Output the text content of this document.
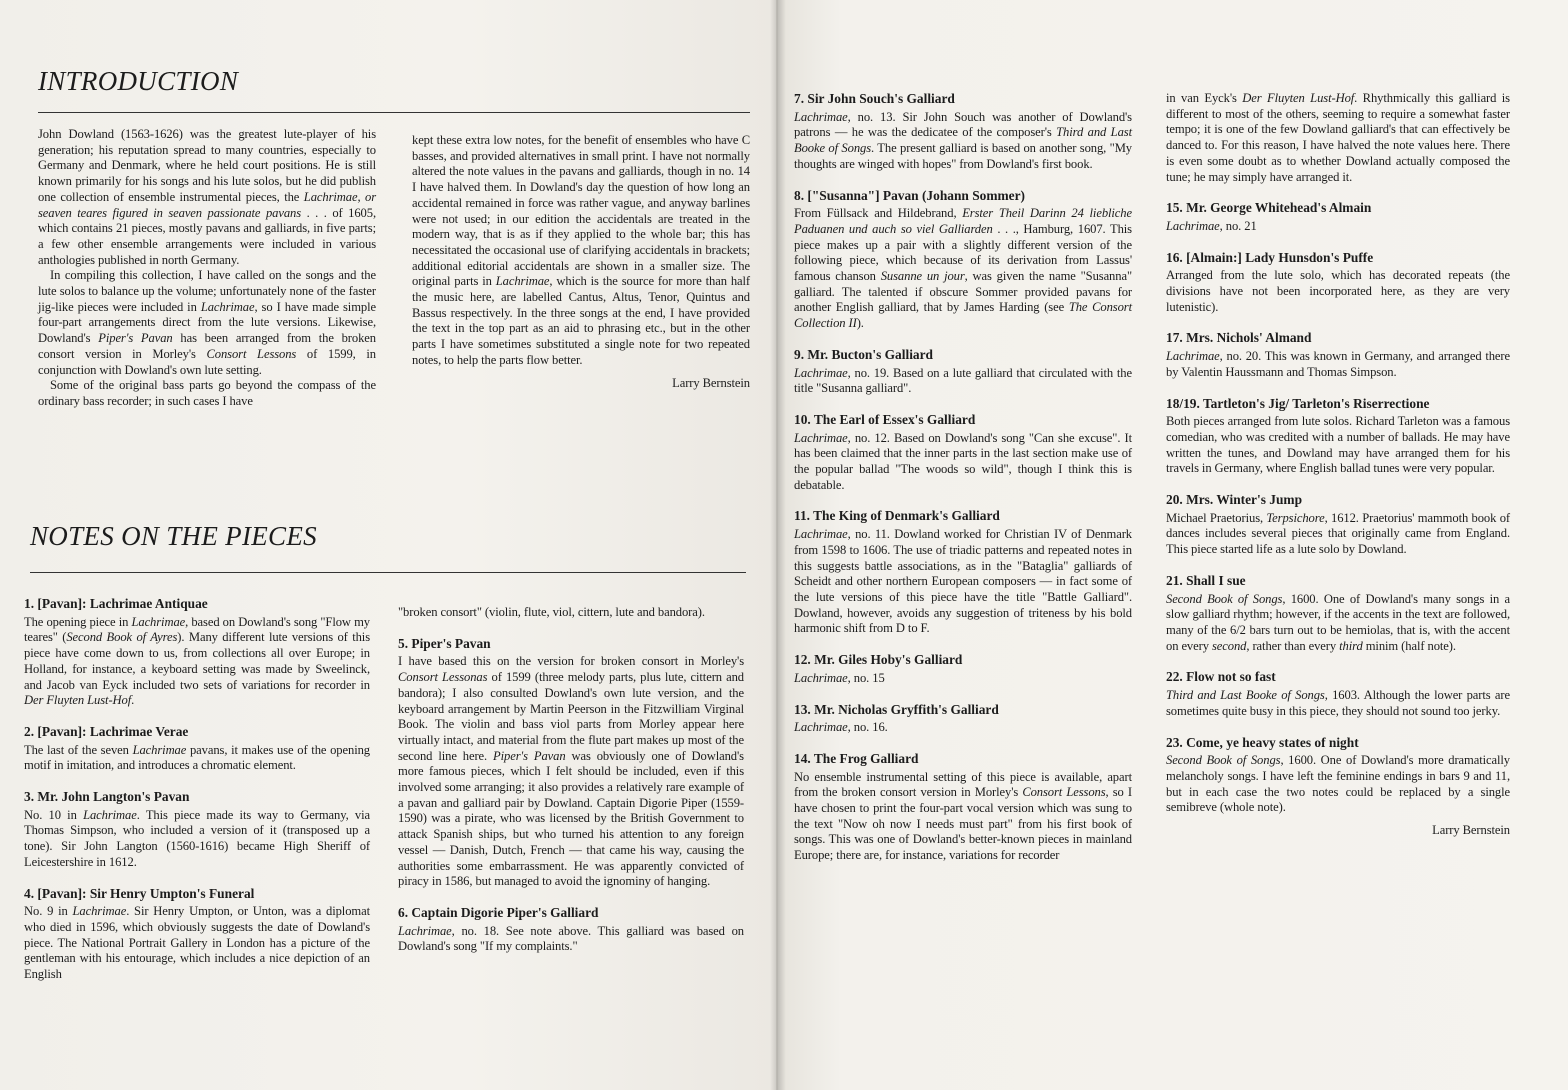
INTRODUCTION

John Dowland (1563-1626) was the greatest lute-player of his generation; his reputation spread to many countries, especially to Germany and Denmark, where he held court positions. He is still known primarily for his songs and his lute solos, but he did publish one collection of ensemble instrumental pieces, the Lachrimae, or seaven teares figured in seaven passionate pavans . . . of 1605, which contains 21 pieces, mostly pavans and galliards, in five parts; a few other ensemble arrangements were included in various anthologies published in north Germany.

In compiling this collection, I have called on the songs and the lute solos to balance up the volume; unfortunately none of the faster jig-like pieces were included in Lachrimae, so I have made simple four-part arrangements direct from the lute versions. Likewise, Dowland's Piper's Pavan has been arranged from the broken consort version in Morley's Consort Lessons of 1599, in conjunction with Dowland's own lute setting.

Some of the original bass parts go beyond the compass of the ordinary bass recorder; in such cases I have

kept these extra low notes, for the benefit of ensembles who have C basses, and provided alternatives in small print. I have not normally altered the note values in the pavans and galliards, though in no. 14 I have halved them. In Dowland's day the question of how long an accidental remained in force was rather vague, and anyway barlines were not used; in our edition the accidentals are treated in the modern way, that is as if they applied to the whole bar; this has necessitated the occasional use of clarifying accidentals in brackets; additional editorial accidentals are shown in a smaller size. The original parts in Lachrimae, which is the source for more than half the music here, are labelled Cantus, Altus, Tenor, Quintus and Bassus respectively. In the three songs at the end, I have provided the text in the top part as an aid to phrasing etc., but in the other parts I have sometimes substituted a single note for two repeated notes, to help the parts flow better.

Larry Bernstein
NOTES ON THE PIECES
1. [Pavan]: Lachrimae Antiquae

The opening piece in Lachrimae, based on Dowland's song "Flow my teares" (Second Book of Ayres). Many different lute versions of this piece have come down to us, from collections all over Europe; in Holland, for instance, a keyboard setting was made by Sweelinck, and Jacob van Eyck included two sets of variations for recorder in Der Fluyten Lust-Hof.

2. [Pavan]: Lachrimae Verae

The last of the seven Lachrimae pavans, it makes use of the opening motif in imitation, and introduces a chromatic element.

3. Mr. John Langton's Pavan

No. 10 in Lachrimae. This piece made its way to Germany, via Thomas Simpson, who included a version of it (transposed up a tone). Sir John Langton (1560-1616) became High Sheriff of Leicestershire in 1612.

4. [Pavan]: Sir Henry Umpton's Funeral

No. 9 in Lachrimae. Sir Henry Umpton, or Unton, was a diplomat who died in 1596, which obviously suggests the date of Dowland's piece. The National Portrait Gallery in London has a picture of the gentleman with his entourage, which includes a nice depiction of an English

"broken consort" (violin, flute, viol, cittern, lute and bandora).

5. Piper's Pavan

I have based this on the version for broken consort in Morley's Consort Lessonas of 1599 (three melody parts, plus lute, cittern and bandora); I also consulted Dowland's own lute version, and the keyboard arrangement by Martin Peerson in the Fitzwilliam Virginal Book. The violin and bass viol parts from Morley appear here virtually intact, and material from the flute part makes up most of the second line here. Piper's Pavan was obviously one of Dowland's more famous pieces, which I felt should be included, even if this involved some arranging; it also provides a relatively rare example of a pavan and galliard pair by Dowland. Captain Digorie Piper (1559-1590) was a pirate, who was licensed by the British Government to attack Spanish ships, but who turned his attention to any foreign vessel — Danish, Dutch, French — that came his way, causing the authorities some embarrassment. He was apparently convicted of piracy in 1586, but managed to avoid the ignominy of hanging.

6. Captain Digorie Piper's Galliard

Lachrimae, no. 18. See note above. This galliard was based on Dowland's song "If my complaints."

7. Sir John Souch's Galliard

Lachrimae, no. 13. Sir John Souch was another of Dowland's patrons — he was the dedicatee of the composer's Third and Last Booke of Songs. The present galliard is based on another song, "My thoughts are winged with hopes" from Dowland's first book.

8. ["Susanna"] Pavan (Johann Sommer)

From Füllsack and Hildebrand, Erster Theil Darinn 24 liebliche Paduanen und auch so viel Galliarden . . ., Hamburg, 1607. This piece makes up a pair with a slightly different version of the following piece, which because of its derivation from Lassus' famous chanson Susanne un jour, was given the name "Susanna" galliard. The talented if obscure Sommer provided pavans for another English galliard, that by James Harding (see The Consort Collection II).

9. Mr. Bucton's Galliard

Lachrimae, no. 19. Based on a lute galliard that circulated with the title "Susanna galliard".

10. The Earl of Essex's Galliard

Lachrimae, no. 12. Based on Dowland's song "Can she excuse". It has been claimed that the inner parts in the last section make use of the popular ballad "The woods so wild", though I think this is debatable.

11. The King of Denmark's Galliard

Lachrimae, no. 11. Dowland worked for Christian IV of Denmark from 1598 to 1606. The use of triadic patterns and repeated notes in this suggests battle associations, as in the "Bataglia" galliards of Scheidt and other northern European composers — in fact some of the lute versions of this piece have the title "Battle Galliard". Dowland, however, avoids any suggestion of triteness by his bold harmonic shift from D to F.

12. Mr. Giles Hoby's Galliard

Lachrimae, no. 15

13. Mr. Nicholas Gryffith's Galliard

Lachrimae, no. 16.

14. The Frog Galliard

No ensemble instrumental setting of this piece is available, apart from the broken consort version in Morley's Consort Lessons, so I have chosen to print the four-part vocal version which was sung to the text "Now oh now I needs must part" from his first book of songs. This was one of Dowland's better-known pieces in mainland Europe; there are, for instance, variations for recorder

in van Eyck's Der Fluyten Lust-Hof. Rhythmically this galliard is different to most of the others, seeming to require a somewhat faster tempo; it is one of the few Dowland galliard's that can effectively be danced to. For this reason, I have halved the note values here. There is even some doubt as to whether Dowland actually composed the tune; he may simply have arranged it.

15. Mr. George Whitehead's Almain

Lachrimae, no. 21

16. [Almain:] Lady Hunsdon's Puffe

Arranged from the lute solo, which has decorated repeats (the divisions have not been incorporated here, as they are very lutenistic).

17. Mrs. Nichols' Almand

Lachrimae, no. 20. This was known in Germany, and arranged there by Valentin Haussmann and Thomas Simpson.

18/19. Tartleton's Jig/ Tarleton's Riserrectione

Both pieces arranged from lute solos. Richard Tarleton was a famous comedian, who was credited with a number of ballads. He may have written the tunes, and Dowland may have arranged them for his travels in Germany, where English ballad tunes were very popular.

20. Mrs. Winter's Jump

Michael Praetorius, Terpsichore, 1612. Praetorius' mammoth book of dances includes several pieces that originally came from England. This piece started life as a lute solo by Dowland.

21. Shall I sue

Second Book of Songs, 1600. One of Dowland's many songs in a slow galliard rhythm; however, if the accents in the text are followed, many of the 6/2 bars turn out to be hemiolas, that is, with the accent on every second, rather than every third minim (half note).

22. Flow not so fast

Third and Last Booke of Songs, 1603. Although the lower parts are sometimes quite busy in this piece, they should not sound too jerky.

23. Come, ye heavy states of night

Second Book of Songs, 1600. One of Dowland's more dramatically melancholy songs. I have left the feminine endings in bars 9 and 11, but in each case the two notes could be replaced by a single semibreve (whole note).

Larry Bernstein
